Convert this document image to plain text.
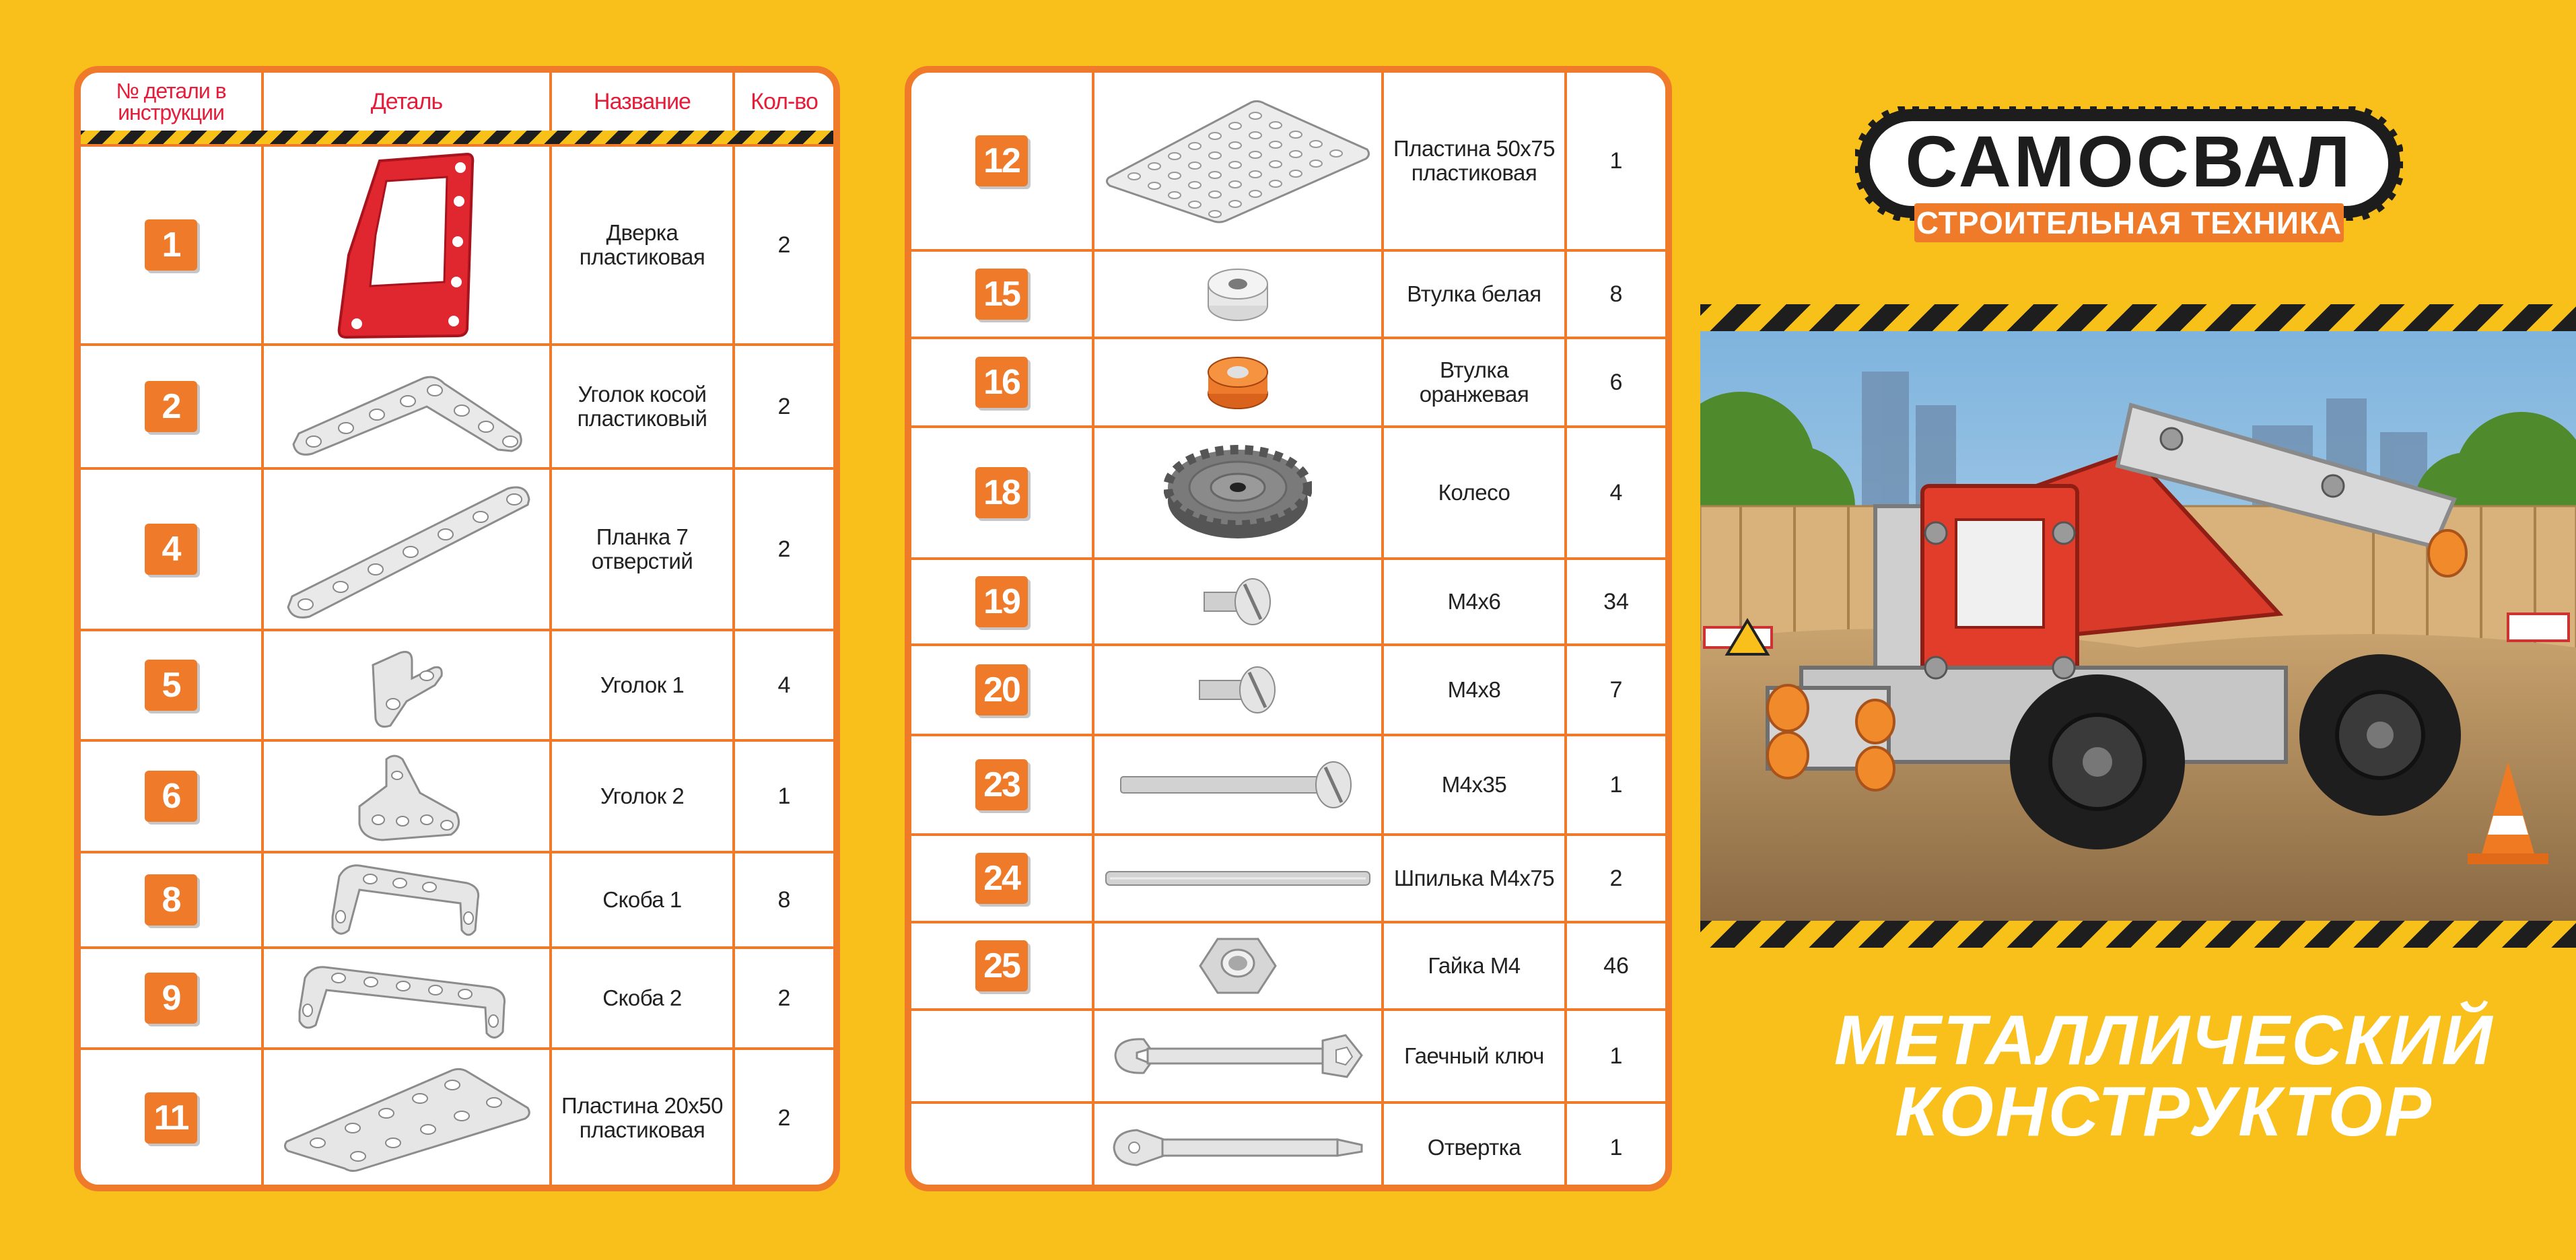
№ детали в инструкции	Деталь	Название	Кол-во

1		Дверка пластиковая	2
2		Уголок косой пластиковый	2
4		Планка 7 отверстий	2
5		Уголок 1	4
6		Уголок 2	1
8		Скоба 1	8
9		Скоба 2	2
11		Пластина 20х50 пластиковая	2
12		Пластина 50х75 пластиковая	1
15		Втулка белая	8
16		Втулка оранжевая	6
18		Колесо	4
19		М4х6	34
20		М4х8	7
23		М4х35	1
24		Шпилька М4х75	2
25		Гайка М4	46

	Гаечный ключ	1

	Отвертка	1
САМОСВАЛ
СТРОИТЕЛЬНАЯ ТЕХНИКА
МЕТАЛЛИЧЕСКИЙ
КОНСТРУКТОР
